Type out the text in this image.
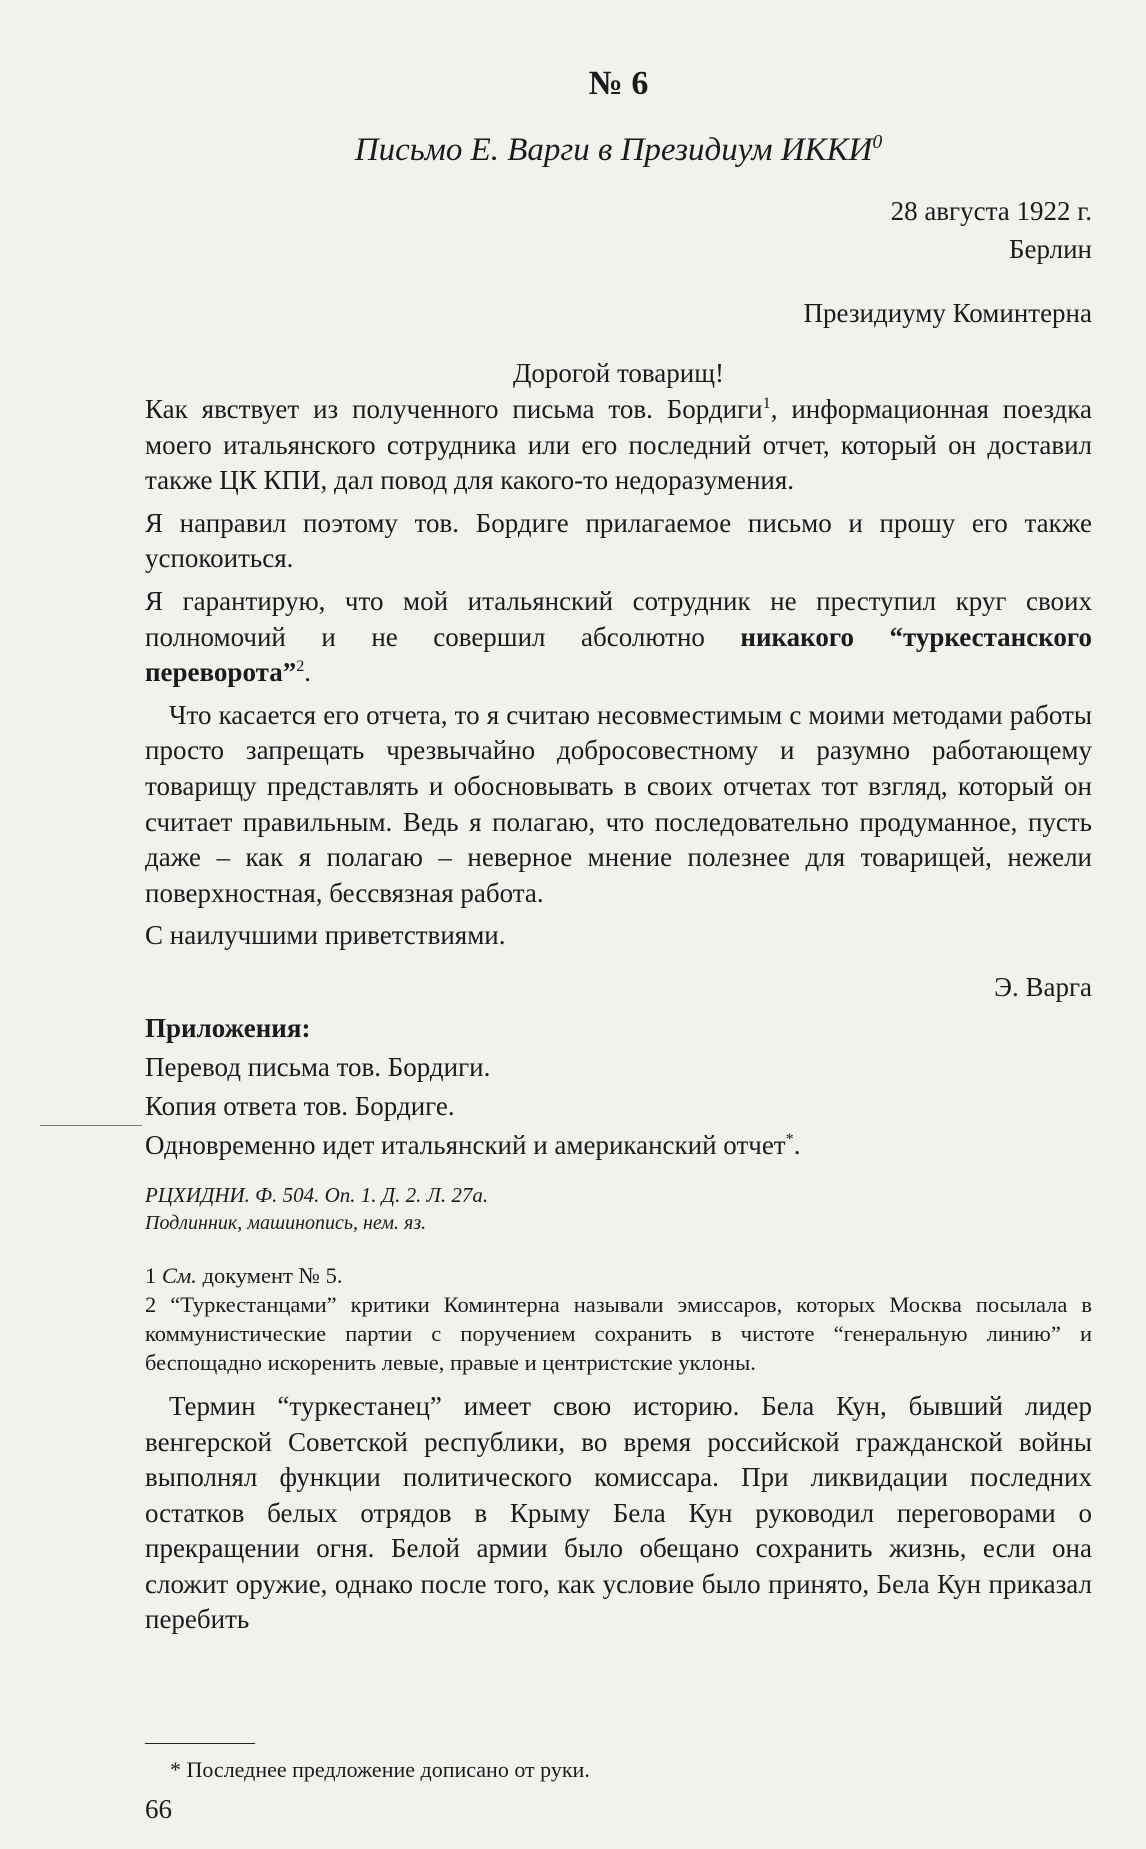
№ 6

Письмо Е. Варги в Президиум ИККИ$^0$

28 августа 1922 г.

Берлин

Президиуму Коминтерна

Дорогой товарищ!

Как явствует из полученного письма тов. Бордиги$^1$, информационная поездка моего итальянского сотрудника или его последний отчет, который он доставил также ЦК КПИ, дал повод для какого-то недоразумения.

Я направил поэтому тов. Бордиге прилагаемое письмо и прошу его также успокоиться.

Я гарантирую, что мой итальянский сотрудник не преступил круг своих полномочий и не совершил абсолютно никакого “туркестанского переворота”$^2$.

Что касается его отчета, то я считаю несовместимым с моими методами работы просто запрещать чрезвычайно добросовестному и разумно работающему товарищу представлять и обосновывать в своих отчетах тот взгляд, который он считает правильным. Ведь я полагаю, что последовательно продуманное, пусть даже – как я полагаю – неверное мнение полезнее для товарищей, нежели поверхностная, бессвязная работа.

С наилучшими приветствиями.

Э. Варга

Приложения:

Перевод письма тов. Бордиги.

Копия ответа тов. Бордиге.

Одновременно идет итальянский и американский отчет*.

РЦХИДНИ. Ф. 504. Оп. 1. Д. 2. Л. 27а.

Подлинник, машинопись, нем. яз.

1 См. документ № 5.

2 “Туркестанцами” критики Коминтерна называли эмиссаров, которых Москва посылала в коммунистические партии с поручением сохранить в чистоте “генеральную линию” и беспощадно искоренить левые, правые и центристские уклоны.

Термин “туркестанец” имеет свою историю. Бела Кун, бывший лидер венгерской Советской республики, во время российской гражданской войны выполнял функции политического комиссара. При ликвидации последних остатков белых отрядов в Крыму Бела Кун руководил переговорами о прекращении огня. Белой армии было обещано сохранить жизнь, если она сложит оружие, однако после того, как условие было принято, Бела Кун приказал перебить

* Последнее предложение дописано от руки.
66
